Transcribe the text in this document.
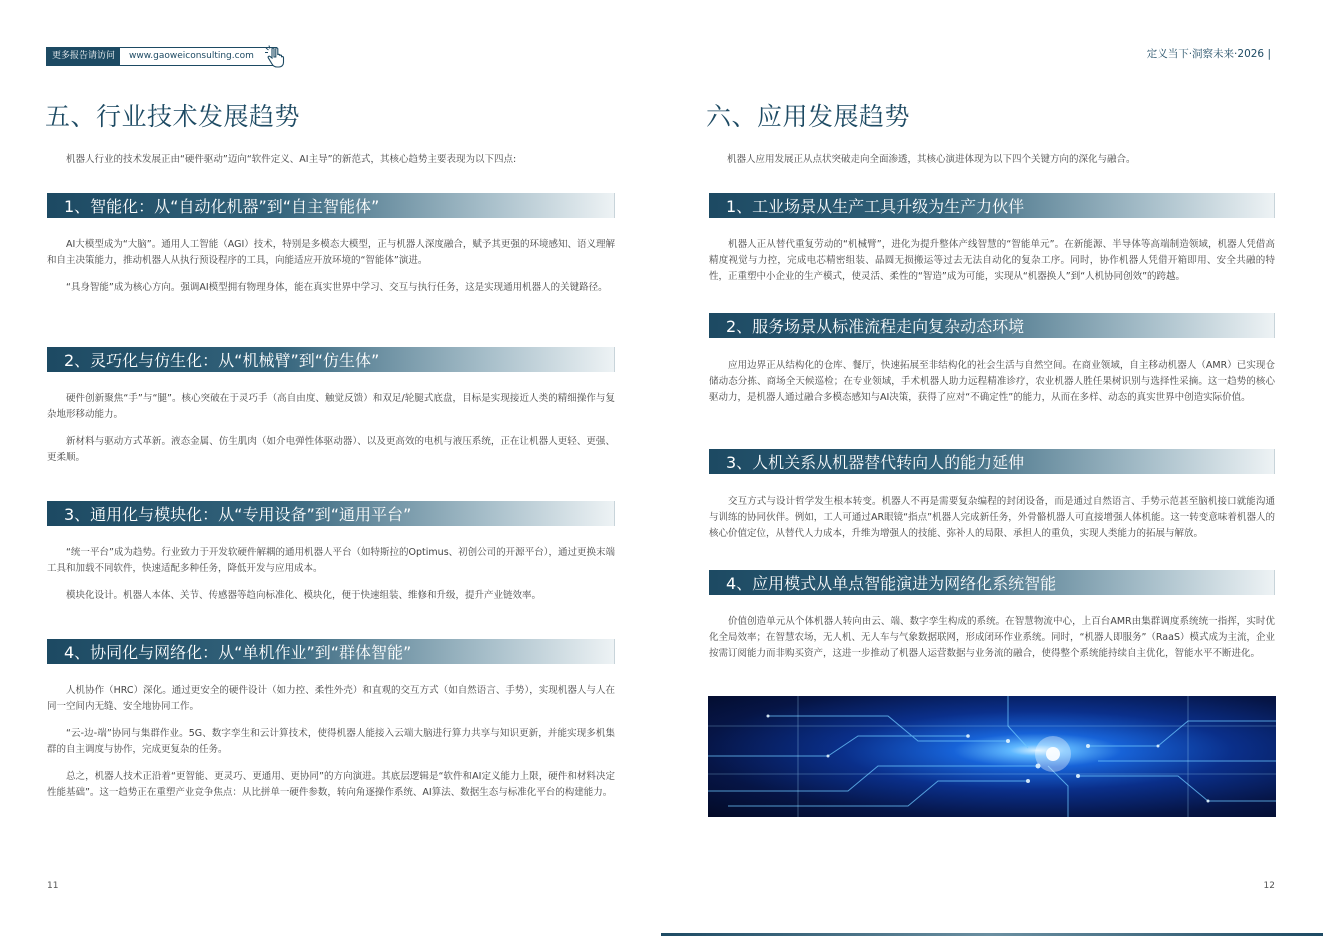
更多报告请访问	www.gaoweiconsulting.com
五、行业技术发展趋势

机器人行业的技术发展正由“硬件驱动”迈向“软件定义、AI主导”的新范式，其核心趋势主要表现为以下四点:

1、智能化：从“自动化机器”到“自主智能体”

AI大模型成为“大脑”。通用人工智能（AGI）技术，特别是多模态大模型，正与机器人深度融合，赋予其更强的环境感知、语义理解和自主决策能力，推动机器人从执行预设程序的工具，向能适应开放环境的“智能体”演进。

“具身智能”成为核心方向。强调AI模型拥有物理身体，能在真实世界中学习、交互与执行任务，这是实现通用机器人的关键路径。

2、灵巧化与仿生化：从“机械臂”到“仿生体”

硬件创新聚焦“手”与“腿”。核心突破在于灵巧手（高自由度、触觉反馈）和双足/轮腿式底盘，目标是实现接近人类的精细操作与复杂地形移动能力。

新材料与驱动方式革新。液态金属、仿生肌肉（如介电弹性体驱动器）、以及更高效的电机与液压系统，正在让机器人更轻、更强、更柔顺。

3、通用化与模块化：从“专用设备”到“通用平台”

“统一平台”成为趋势。行业致力于开发软硬件解耦的通用机器人平台（如特斯拉的Optimus、初创公司的开源平台），通过更换末端工具和加载不同软件，快速适配多种任务，降低开发与应用成本。

模块化设计。机器人本体、关节、传感器等趋向标准化、模块化，便于快速组装、维修和升级，提升产业链效率。

4、协同化与网络化：从“单机作业”到“群体智能”

人机协作（HRC）深化。通过更安全的硬件设计（如力控、柔性外壳）和直观的交互方式（如自然语言、手势），实现机器人与人在同一空间内无缝、安全地协同工作。

“云-边-端”协同与集群作业。5G、数字孪生和云计算技术，使得机器人能接入云端大脑进行算力共享与知识更新，并能实现多机集群的自主调度与协作，完成更复杂的任务。

总之，机器人技术正沿着“更智能、更灵巧、更通用、更协同”的方向演进。其底层逻辑是“软件和AI定义能力上限，硬件和材料决定性能基础”。这一趋势正在重塑产业竞争焦点：从比拼单一硬件参数，转向角逐操作系统、AI算法、数据生态与标准化平台的构建能力。

11
定义当下·洞察未来·2026 |
六、应用发展趋势

机器人应用发展正从点状突破走向全面渗透，其核心演进体现为以下四个关键方向的深化与融合。

1、工业场景从生产工具升级为生产力伙伴

机器人正从替代重复劳动的“机械臂”，进化为提升整体产线智慧的“智能单元”。在新能源、半导体等高端制造领域，机器人凭借高精度视觉与力控，完成电芯精密组装、晶圆无损搬运等过去无法自动化的复杂工序。同时，协作机器人凭借开箱即用、安全共融的特性，正重塑中小企业的生产模式，使灵活、柔性的“智造”成为可能，实现从“机器换人”到“人机协同创效”的跨越。

2、服务场景从标准流程走向复杂动态环境

应用边界正从结构化的仓库、餐厅，快速拓展至非结构化的社会生活与自然空间。在商业领域，自主移动机器人（AMR）已实现仓储动态分拣、商场全天候巡检；在专业领域，手术机器人助力远程精准诊疗，农业机器人胜任果树识别与选择性采摘。这一趋势的核心驱动力，是机器人通过融合多模态感知与AI决策，获得了应对“不确定性”的能力，从而在多样、动态的真实世界中创造实际价值。

3、人机关系从机器替代转向人的能力延伸

交互方式与设计哲学发生根本转变。机器人不再是需要复杂编程的封闭设备，而是通过自然语言、手势示范甚至脑机接口就能沟通与训练的协同伙伴。例如，工人可通过AR眼镜“指点”机器人完成新任务，外骨骼机器人可直接增强人体机能。这一转变意味着机器人的核心价值定位，从替代人力成本，升维为增强人的技能、弥补人的局限、承担人的重负，实现人类能力的拓展与解放。

4、应用模式从单点智能演进为网络化系统智能

价值创造单元从个体机器人转向由云、端、数字孪生构成的系统。在智慧物流中心，上百台AMR由集群调度系统统一指挥，实时优化全局效率；在智慧农场，无人机、无人车与气象数据联网，形成闭环作业系统。同时，“机器人即服务”（RaaS）模式成为主流，企业按需订阅能力而非购买资产，这进一步推动了机器人运营数据与业务流的融合，使得整个系统能持续自主优化，智能水平不断进化。

12
